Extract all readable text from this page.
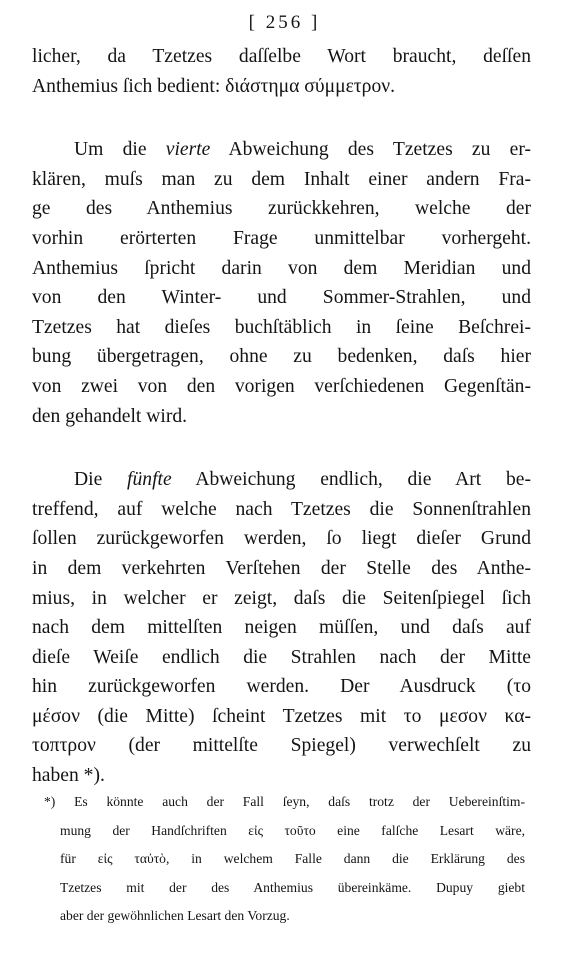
[ 256 ]
licher, da Tzetzes daſſelbe Wort braucht, deſſen
Anthemius ſich bedient: διάστημα σύμμετρον.
Um die vierte Abweichung des Tzetzes zu er-
klären, muſs man zu dem Inhalt einer andern Fra-
ge des Anthemius zurückkehren, welche der
vorhin erörterten Frage unmittelbar vorhergeht.
Anthemius ſpricht darin von dem Meridian und
von den Winter- und Sommer-Strahlen, und
Tzetzes hat dieſes buchſtäblich in ſeine Beſchrei-
bung übergetragen, ohne zu bedenken, daſs hier
von zwei von den vorigen verſchiedenen Gegenſtän-
den gehandelt wird.
Die fünfte Abweichung endlich, die Art be-
treffend, auf welche nach Tzetzes die Sonnenſtrahlen
ſollen zurückgeworfen werden, ſo liegt dieſer Grund
in dem verkehrten Verſtehen der Stelle des Anthe-
mius, in welcher er zeigt, daſs die Seitenſpiegel ſich
nach dem mittelſten neigen müſſen, und daſs auf
dieſe Weiſe endlich die Strahlen nach der Mitte
hin zurückgeworfen werden. Der Ausdruck (το
μέσον (die Mitte) ſcheint Tzetzes mit το μεσον κα-
τοπτρον (der mittelſte Spiegel) verwechſelt zu
haben *).
*) Es könnte auch der Fall ſeyn, daſs trotz der Uebereinſtim-
mung der Handſchriften εἰς τοῦτο eine falſche Lesart wäre,
für εἰς ταὐτὸ, in welchem Falle dann die Erklärung des
Tzetzes mit der des Anthemius übereinkäme. Dupuy giebt
aber der gewöhnlichen Lesart den Vorzug.
